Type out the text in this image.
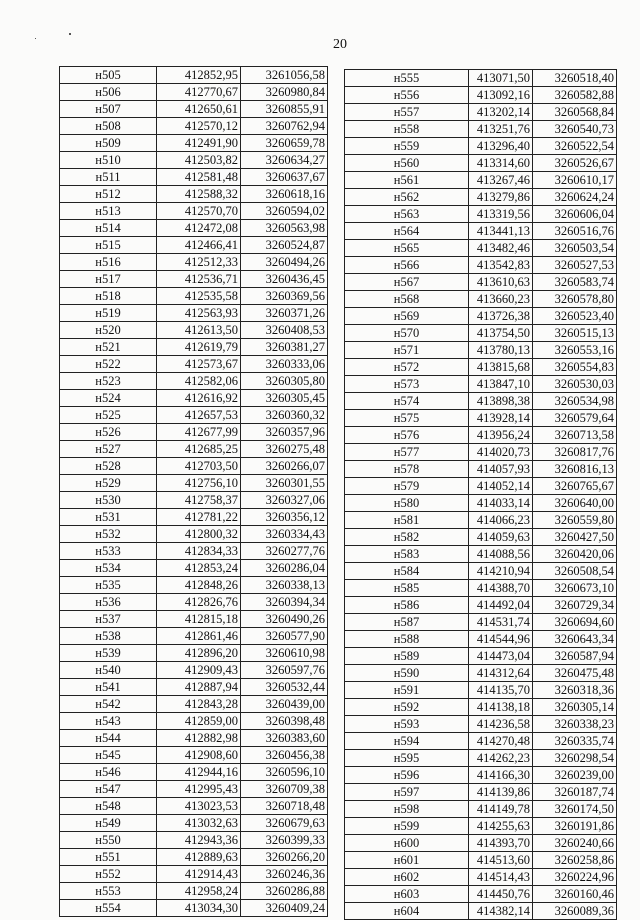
20
н505	412852,95	3261056,58
н506	412770,67	3260980,84
н507	412650,61	3260855,91
н508	412570,12	3260762,94
н509	412491,90	3260659,78
н510	412503,82	3260634,27
н511	412581,48	3260637,67
н512	412588,32	3260618,16
н513	412570,70	3260594,02
н514	412472,08	3260563,98
н515	412466,41	3260524,87
н516	412512,33	3260494,26
н517	412536,71	3260436,45
н518	412535,58	3260369,56
н519	412563,93	3260371,26
н520	412613,50	3260408,53
н521	412619,79	3260381,27
н522	412573,67	3260333,06
н523	412582,06	3260305,80
н524	412616,92	3260305,45
н525	412657,53	3260360,32
н526	412677,99	3260357,96
н527	412685,25	3260275,48
н528	412703,50	3260266,07
н529	412756,10	3260301,55
н530	412758,37	3260327,06
н531	412781,22	3260356,12
н532	412800,32	3260334,43
н533	412834,33	3260277,76
н534	412853,24	3260286,04
н535	412848,26	3260338,13
н536	412826,76	3260394,34
н537	412815,18	3260490,26
н538	412861,46	3260577,90
н539	412896,20	3260610,98
н540	412909,43	3260597,76
н541	412887,94	3260532,44
н542	412843,28	3260439,00
н543	412859,00	3260398,48
н544	412882,98	3260383,60
н545	412908,60	3260456,38
н546	412944,16	3260596,10
н547	412995,43	3260709,38
н548	413023,53	3260718,48
н549	413032,63	3260679,63
н550	412943,36	3260399,33
н551	412889,63	3260266,20
н552	412914,43	3260246,36
н553	412958,24	3260286,88
н554	413034,30	3260409,24
н555	413071,50	3260518,40
н556	413092,16	3260582,88
н557	413202,14	3260568,84
н558	413251,76	3260540,73
н559	413296,40	3260522,54
н560	413314,60	3260526,67
н561	413267,46	3260610,17
н562	413279,86	3260624,24
н563	413319,56	3260606,04
н564	413441,13	3260516,76
н565	413482,46	3260503,54
н566	413542,83	3260527,53
н567	413610,63	3260583,74
н568	413660,23	3260578,80
н569	413726,38	3260523,40
н570	413754,50	3260515,13
н571	413780,13	3260553,16
н572	413815,68	3260554,83
н573	413847,10	3260530,03
н574	413898,38	3260534,98
н575	413928,14	3260579,64
н576	413956,24	3260713,58
н577	414020,73	3260817,76
н578	414057,93	3260816,13
н579	414052,14	3260765,67
н580	414033,14	3260640,00
н581	414066,23	3260559,80
н582	414059,63	3260427,50
н583	414088,56	3260420,06
н584	414210,94	3260508,54
н585	414388,70	3260673,10
н586	414492,04	3260729,34
н587	414531,74	3260694,60
н588	414544,96	3260643,34
н589	414473,04	3260587,94
н590	414312,64	3260475,48
н591	414135,70	3260318,36
н592	414138,18	3260305,14
н593	414236,58	3260338,23
н594	414270,48	3260335,74
н595	414262,23	3260298,54
н596	414166,30	3260239,00
н597	414139,86	3260187,74
н598	414149,78	3260174,50
н599	414255,63	3260191,86
н600	414393,70	3260240,66
н601	414513,60	3260258,86
н602	414514,43	3260224,96
н603	414450,76	3260160,46
н604	414382,14	3260089,36
